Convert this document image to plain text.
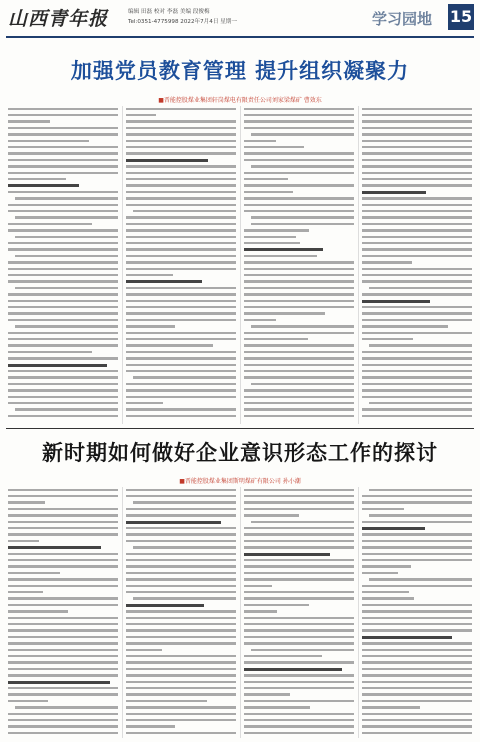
山西青年报	编辑 田磊 校对 李磊 美编 段俊梅
Tel:0351-4775998 2022年7月4日 星期一	学习园地	15
加强党员教育管理 提升组织凝聚力
■晋能控股煤业集团轩岗煤电有限责任公司刘家梁煤矿 曹效东
新时期如何做好企业意识形态工作的探讨
■晋能控股煤业集团斯明煤矿有限公司 孙小潮
